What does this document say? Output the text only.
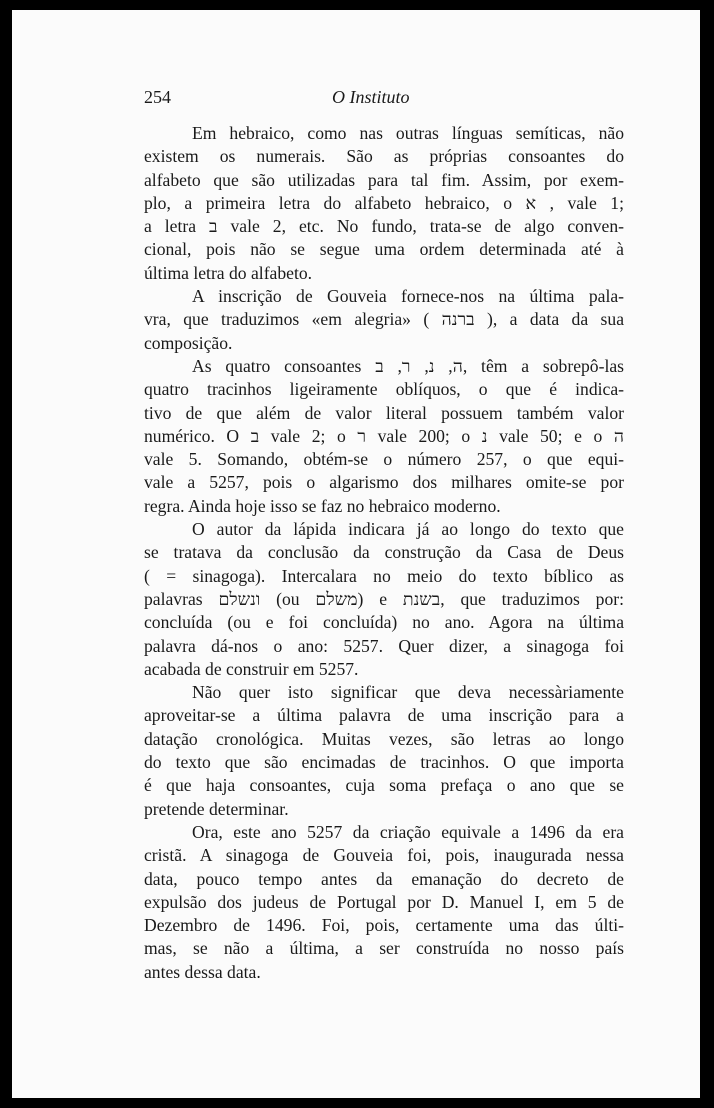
254	O Instituto
Em hebraico, como nas outras línguas semíticas, não
existem os numerais. São as próprias consoantes do
alfabeto que são utilizadas para tal fim. Assim, por exem-
plo, a primeira letra do alfabeto hebraico, o א , vale 1;
a letra ב vale 2, etc. No fundo, trata-se de algo conven-
cional, pois não se segue uma ordem determinada até à
última letra do alfabeto.
A inscrição de Gouveia fornece-nos na última pala-
vra, que traduzimos «em alegria» ( ברנה ), a data da sua
composição.
As quatro consoantes ה, נ, ר, ב, têm a sobrepô-las
quatro tracinhos ligeiramente oblíquos, o que é indica-
tivo de que além de valor literal possuem também valor
numérico. O ב vale 2; o ר vale 200; o נ vale 50; e o ה
vale 5. Somando, obtém-se o número 257, o que equi-
vale a 5257, pois o algarismo dos milhares omite-se por
regra. Ainda hoje isso se faz no hebraico moderno.
O autor da lápida indicara já ao longo do texto que
se tratava da conclusão da construção da Casa de Deus
( = sinagoga). Intercalara no meio do texto bíblico as
palavras ונשלם (ou משלם) e בשנת, que traduzimos por:
concluída (ou e foi concluída) no ano. Agora na última
palavra dá-nos o ano: 5257. Quer dizer, a sinagoga foi
acabada de construir em 5257.
Não quer isto significar que deva necessàriamente
aproveitar-se a última palavra de uma inscrição para a
datação cronológica. Muitas vezes, são letras ao longo
do texto que são encimadas de tracinhos. O que importa
é que haja consoantes, cuja soma prefaça o ano que se
pretende determinar.
Ora, este ano 5257 da criação equivale a 1496 da era
cristã. A sinagoga de Gouveia foi, pois, inaugurada nessa
data, pouco tempo antes da emanação do decreto de
expulsão dos judeus de Portugal por D. Manuel I, em 5 de
Dezembro de 1496. Foi, pois, certamente uma das últi-
mas, se não a última, a ser construída no nosso país
antes dessa data.
